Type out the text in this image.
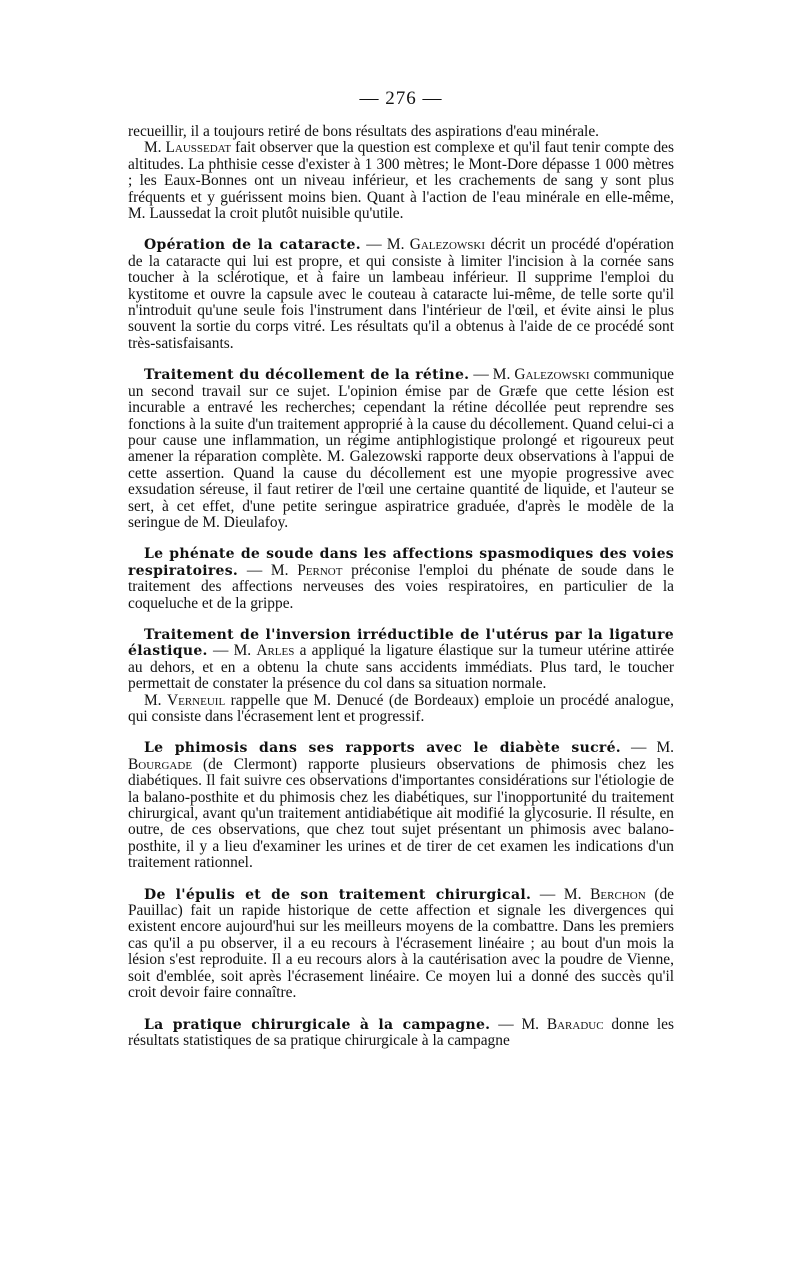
— 276 —

recueillir, il a toujours retiré de bons résultats des aspirations d'eau minérale.

M. Laussedat fait observer que la question est complexe et qu'il faut tenir compte des altitudes. La phthisie cesse d'exister à 1 300 mètres; le Mont-Dore dépasse 1 000 mètres ; les Eaux-Bonnes ont un niveau inférieur, et les crachements de sang y sont plus fréquents et y guérissent moins bien. Quant à l'action de l'eau minérale en elle-même, M. Laussedat la croit plutôt nuisible qu'utile.

Opération de la cataracte. — M. Galezowski décrit un procédé d'opération de la cataracte qui lui est propre, et qui consiste à limiter l'incision à la cornée sans toucher à la sclérotique, et à faire un lambeau inférieur. Il supprime l'emploi du kystitome et ouvre la capsule avec le couteau à cataracte lui-même, de telle sorte qu'il n'introduit qu'une seule fois l'instrument dans l'intérieur de l'œil, et évite ainsi le plus souvent la sortie du corps vitré. Les résultats qu'il a obtenus à l'aide de ce procédé sont très-satisfaisants.

Traitement du décollement de la rétine. — M. Galezowski communique un second travail sur ce sujet. L'opinion émise par de Græfe que cette lésion est incurable a entravé les recherches; cependant la rétine décollée peut reprendre ses fonctions à la suite d'un traitement approprié à la cause du décollement. Quand celui-ci a pour cause une inflammation, un régime antiphlogistique prolongé et rigoureux peut amener la réparation complète. M. Galezowski rapporte deux observations à l'appui de cette assertion. Quand la cause du décollement est une myopie progressive avec exsudation séreuse, il faut retirer de l'œil une certaine quantité de liquide, et l'auteur se sert, à cet effet, d'une petite seringue aspiratrice graduée, d'après le modèle de la seringue de M. Dieulafoy.

Le phénate de soude dans les affections spasmodiques des voies respiratoires. — M. Pernot préconise l'emploi du phénate de soude dans le traitement des affections nerveuses des voies respiratoires, en particulier de la coqueluche et de la grippe.

Traitement de l'inversion irréductible de l'utérus par la ligature élastique. — M. Arles a appliqué la ligature élastique sur la tumeur utérine attirée au dehors, et en a obtenu la chute sans accidents immédiats. Plus tard, le toucher permettait de constater la présence du col dans sa situation normale.

M. Verneuil rappelle que M. Denucé (de Bordeaux) emploie un procédé analogue, qui consiste dans l'écrasement lent et progressif.

Le phimosis dans ses rapports avec le diabète sucré. — M. Bourgade (de Clermont) rapporte plusieurs observations de phimosis chez les diabétiques. Il fait suivre ces observations d'importantes considérations sur l'étiologie de la balano-posthite et du phimosis chez les diabétiques, sur l'inopportunité du traitement chirurgical, avant qu'un traitement antidiabétique ait modifié la glycosurie. Il résulte, en outre, de ces observations, que chez tout sujet présentant un phimosis avec balano-posthite, il y a lieu d'examiner les urines et de tirer de cet examen les indications d'un traitement rationnel.

De l'épulis et de son traitement chirurgical. — M. Berchon (de Pauillac) fait un rapide historique de cette affection et signale les divergences qui existent encore aujourd'hui sur les meilleurs moyens de la combattre. Dans les premiers cas qu'il a pu observer, il a eu recours à l'écrasement linéaire ; au bout d'un mois la lésion s'est reproduite. Il a eu recours alors à la cautérisation avec la poudre de Vienne, soit d'emblée, soit après l'écrasement linéaire. Ce moyen lui a donné des succès qu'il croit devoir faire connaître.

La pratique chirurgicale à la campagne. — M. Baraduc donne les résultats statistiques de sa pratique chirurgicale à la campagne
